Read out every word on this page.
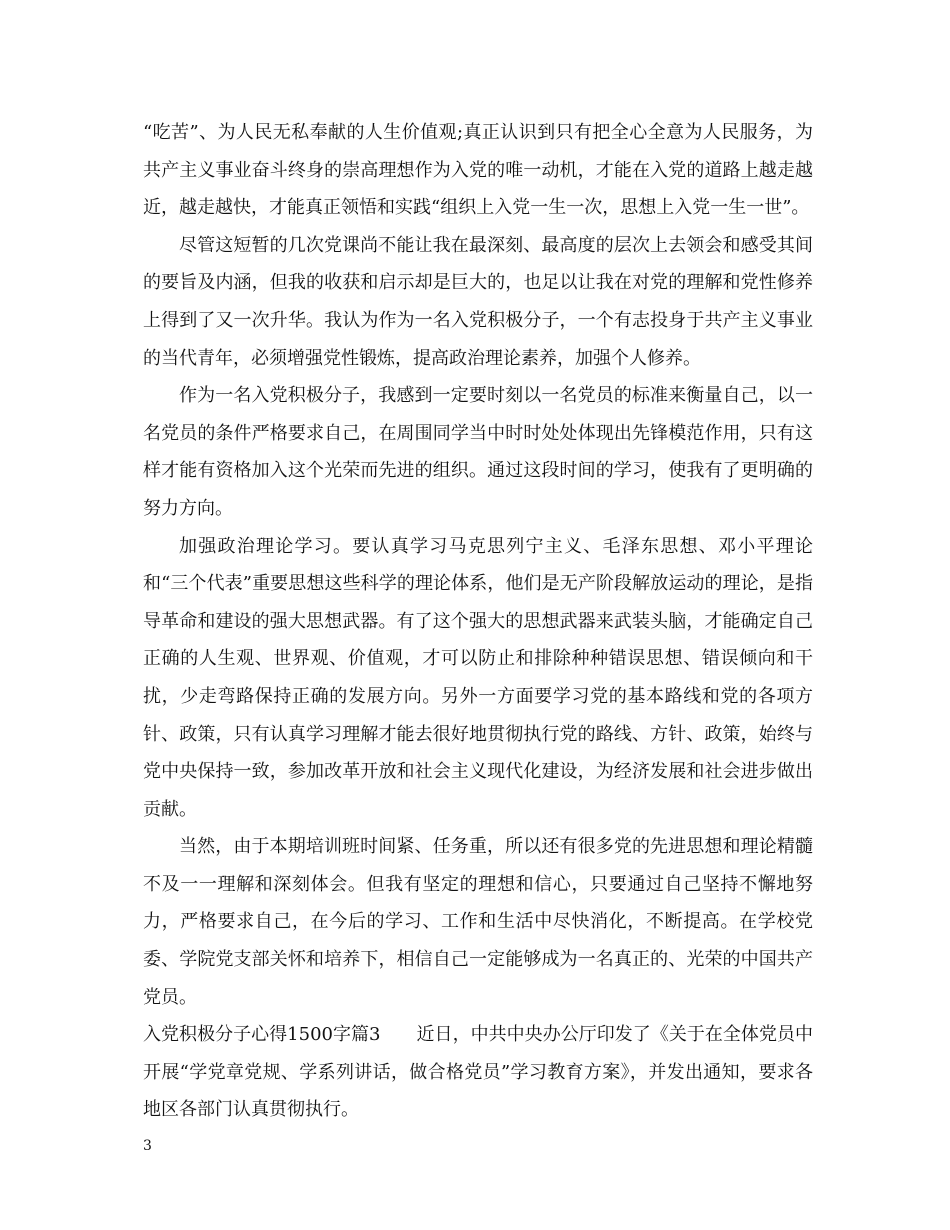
“吃苦”、为人民无私奉献的人生价值观;真正认识到只有把全心全意为人民服务，为共产主义事业奋斗终身的崇高理想作为入党的唯一动机，才能在入党的道路上越走越近，越走越快，才能真正领悟和实践“组织上入党一生一次，思想上入党一生一世”。

尽管这短暂的几次党课尚不能让我在最深刻、最高度的层次上去领会和感受其间的要旨及内涵，但我的收获和启示却是巨大的，也足以让我在对党的理解和党性修养上得到了又一次升华。我认为作为一名入党积极分子，一个有志投身于共产主义事业的当代青年，必须增强党性锻炼，提高政治理论素养，加强个人修养。

作为一名入党积极分子，我感到一定要时刻以一名党员的标准来衡量自己，以一名党员的条件严格要求自己，在周围同学当中时时处处体现出先锋模范作用，只有这样才能有资格加入这个光荣而先进的组织。通过这段时间的学习，使我有了更明确的努力方向。

加强政治理论学习。要认真学习马克思列宁主义、毛泽东思想、邓小平理论和“三个代表”重要思想这些科学的理论体系，他们是无产阶段解放运动的理论，是指导革命和建设的强大思想武器。有了这个强大的思想武器来武装头脑，才能确定自己正确的人生观、世界观、价值观，才可以防止和排除种种错误思想、错误倾向和干扰，少走弯路保持正确的发展方向。另外一方面要学习党的基本路线和党的各项方针、政策，只有认真学习理解才能去很好地贯彻执行党的路线、方针、政策，始终与党中央保持一致，参加改革开放和社会主义现代化建设，为经济发展和社会进步做出贡献。

当然，由于本期培训班时间紧、任务重，所以还有很多党的先进思想和理论精髓不及一一理解和深刻体会。但我有坚定的理想和信心，只要通过自己坚持不懈地努力，严格要求自己，在今后的学习、工作和生活中尽快消化，不断提高。在学校党委、学院党支部关怀和培养下，相信自己一定能够成为一名真正的、光荣的中国共产党员。

入党积极分子心得1500字篇3 近日，中共中央办公厅印发了《关于在全体党员中开展“学党章党规、学系列讲话，做合格党员”学习教育方案》，并发出通知，要求各地区各部门认真贯彻执行。

3
